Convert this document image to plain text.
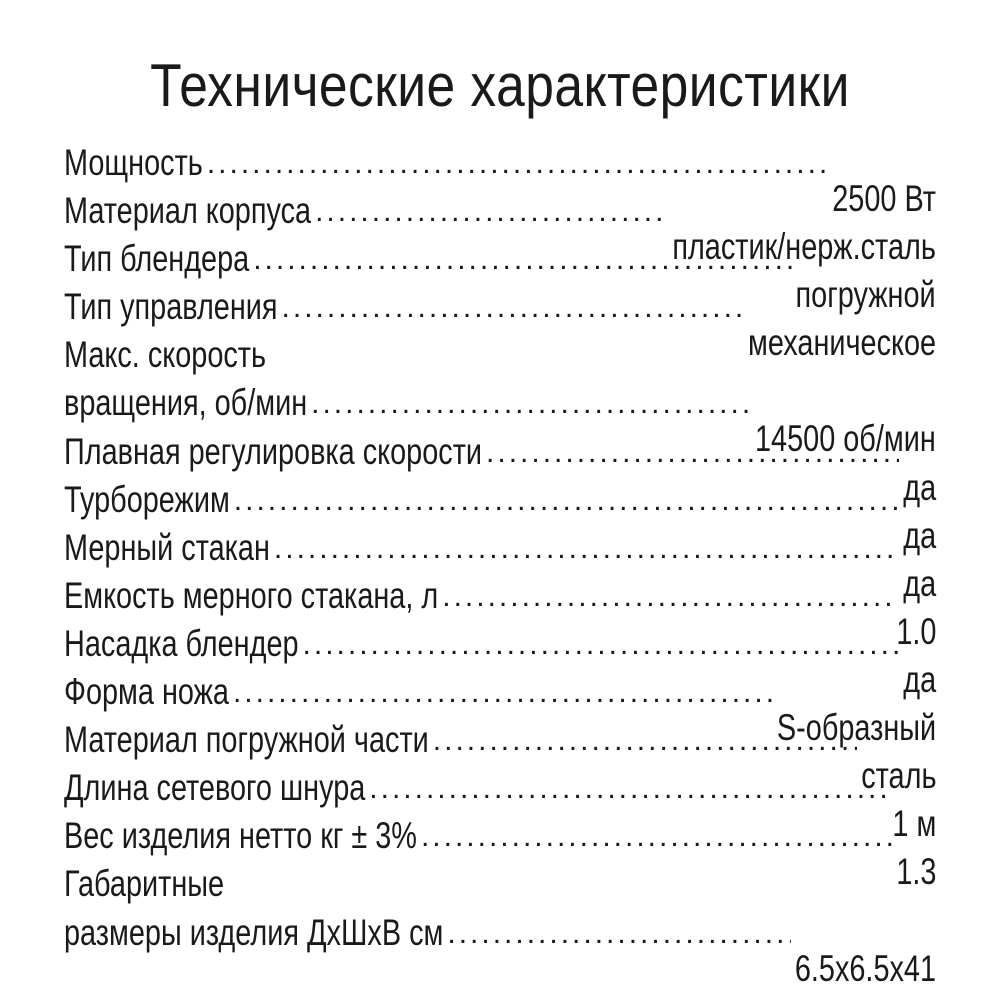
Технические характеристики
Мощность
.....
2500 Вт
Материал корпуса
.....
пластик/нерж.сталь
Тип блендера
.....
погружной
Тип управления
.....
механическое
Макс. скорость
вращения, об/мин
.....
14500 об/мин
Плавная регулировка скорости
.....
да
Турборежим
.....
да
Мерный стакан
.....
да
Емкость мерного стакана, л
.....
1.0
Насадка блендер
.....
да
Форма ножа
.....
S-образный
Материал погружной части
.....
сталь
Длина сетевого шнура
.....
1 м
Вес изделия нетто кг ± 3%
.....
1.3
Габаритные
размеры изделия ДхШхВ см
.....
6.5x6.5x41
